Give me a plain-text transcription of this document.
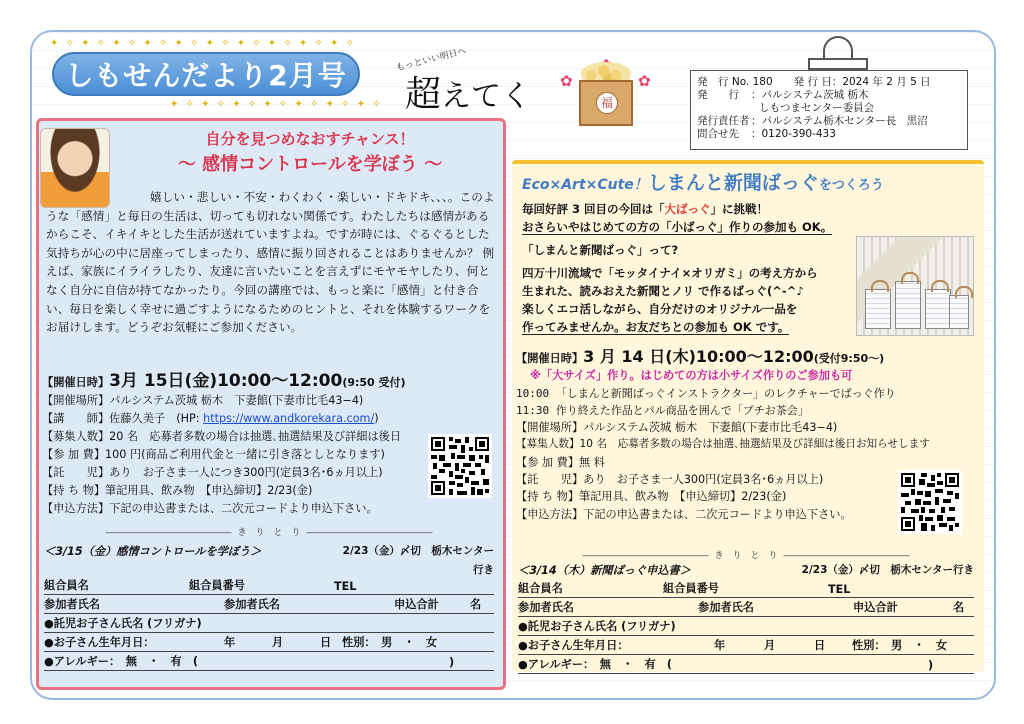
✦ ✧ ✦ ✧ ✦ ✧ ✦ ✧ ✦ ✧ ✦ ✧ ✦ ✧ ✦ ✧ ✦ ✧ ✦ ✧
しもせんだより2月号
✦ ✧ ✦ ✧ ✦ ✧ ✦ ✧ ✦ ✧ ✦ ✧ ✦ ✧
もっといい明日へ
超えてく ✿	✿
福
発　行 No. 180　　発 行 日：2024 年 2 月 5 日
発　　行	：パルシステム茨城 栃木
しもつまセンター委員会
発行責任者 ：パルシステム栃木センター長　黒沼
問合せ先	：0120-390-433
自分を見つめなおすチャンス！
～ 感情コントロールを学ぼう ～
嬉しい・悲しい・不安・わくわく・楽しい・ドキドキ、、、。このような「感情」と毎日の生活は、切っても切れない関係です。わたしたちは感情があるからこそ、イキイキとした生活が送れていますよね。ですが時には、ぐるぐるとした気持ちが心の中に居座ってしまったり、感情に振り回されることはありませんか？ 例えば、家族にイライラしたり、友達に言いたいことを言えずにモヤモヤしたり、何となく自分に自信が持てなかったり。今回の講座では、もっと楽に「感情」と付き合い、毎日を楽しく幸せに過ごすようになるためのヒントと、それを体験するワークをお届けします。どうぞお気軽にご参加ください。
【開催日時】3月 15日(金)10:00～12:00(9:50 受付)
【開催場所】パルシステム茨城 栃木　下妻館(下妻市比毛43−4)
【講　　師】佐藤久美子　(HP: https://www.andkorekara.com/)
【募集人数】20 名　応募者多数の場合は抽選､抽選結果及び詳細は後日
【参 加 費】100 円(商品ご利用代金と一緒に引き落としとなります)
【託　　児】あり　お子さま一人につき300円(定員3名･6ヵ月以上)
【持 ち 物】筆記用具、飲み物　【申込締切】2/23(金)
【申込方法】下記の申込書または、二次元コードより申込下さい。
―――――――――――――― き　り　と　り ――――――――――――――
＜3/15（金）感情コントロールを学ぼう＞	2/23（金）〆切　栃木センター
行き
組合員名	組合員番号	TEL
参加者氏名	参加者氏名	申込合計	名
●託児お子さん氏名 (フリガナ)
●お子さん生年月日：	年	月	日 性別：　男　・　女
●アレルギー：　無　・　有　(	)
Eco×Art×Cute！しまんと新聞ばっぐをつくろう
毎回好評 3 回目の今回は「大ばっぐ」に挑戦！
おさらいやはじめての方の「小ばっぐ」作りの参加も OK。
「しまんと新聞ばっぐ」って?
四万十川流域で「モッタイナイ×オリガミ」の考え方から
生まれた、読みおえた新聞とノリ で作るばっぐ(^-^♪
楽しくエコ活しながら、自分だけのオリジナル一品を
作ってみませんか。お友だちとの参加も OK です。
【開催日時】3 月 14 日(木)10:00～12:00(受付9:50～)
※「大サイズ」作り。はじめての方は小サイズ作りのご参加も可
10:00 「しまんと新聞ばっぐインストラクター」のレクチャーでばっぐ作り
11:30 作り終えた作品とパル商品を囲んで「プチお茶会」
【開催場所】パルシステム茨城 栃木　下妻館(下妻市比毛43−4)
【募集人数】10 名　応募者多数の場合は抽選､抽選結果及び詳細は後日お知らせします
【参 加 費】無 料
【託　　児】あり　お子さま一人300円(定員3名･6ヵ月以上)
【持 ち 物】筆記用具、飲み物　【申込締切】2/23(金)
【申込方法】下記の申込書または、二次元コードより申込下さい。
―――――――――――――― き　り　と　り ――――――――――――――
＜3/14（木）新聞ばっぐ申込書＞	2/23（金）〆切　栃木センター行き
組合員名	組合員番号	TEL
参加者氏名	参加者氏名	申込合計	名
●託児お子さん氏名 (フリガナ)
●お子さん生年月日：	年	月	日	性別：　男　・　女
●アレルギー：　無　・　有　(	)
